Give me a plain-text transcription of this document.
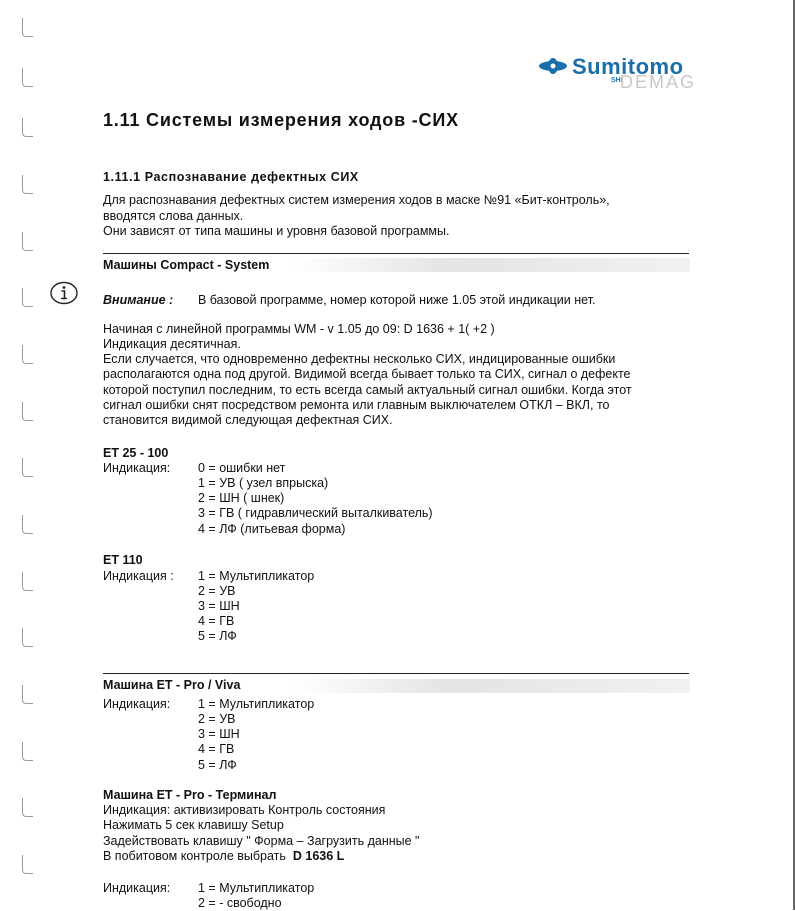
Sumitomo
SHI
DEMAG
1.11 Системы измерения ходов -СИХ
1.11.1 Распознавание дефектных СИХ
Для распознавания дефектных систем измерения ходов в маске №91 «Бит-контроль»,
вводятся слова данных.
Они зависят от типа машины и уровня базовой программы.
Машины Compact - System
Внимание : В базовой программе, номер которой ниже 1.05 этой индикации нет.
Начиная с линейной программы WM - v 1.05 до 09: D 1636 + 1( +2 )
Индикация десятичная.
Если случается, что одновременно дефектны несколько СИХ, индицированные ошибки
располагаются одна под другой. Видимой всегда бывает только та СИХ, сигнал о дефекте
которой поступил последним, то есть всегда самый актуальный сигнал ошибки. Когда этот
сигнал ошибки снят посредством ремонта или главным выключателем ОТКЛ – ВКЛ, то
становится видимой следующая дефектная СИХ.
ET 25 - 100
Индикация: 0 = ошибки нет
1 = УВ ( узел впрыска)
2 = ШН ( шнек)
3 = ГВ ( гидравлический выталкиватель)
4 = ЛФ (литьевая форма)
ET 110
Индикация : 1 = Мультипликатор
2 = УВ
3 = ШН
4 = ГВ
5 = ЛФ
Машина ET - Pro / Viva
Индикация: 1 = Мультипликатор
2 = УВ
3 = ШН
4 = ГВ
5 = ЛФ
Машина ET - Pro - Терминал
Индикация: активизировать Контроль состояния
Нажимать 5 сек клавишу Setup
Задействовать клавишу " Форма – Загрузить данные "
В побитовом контроле выбрать D 1636 L
Индикация: 1 = Мультипликатор
2 = - свободно
